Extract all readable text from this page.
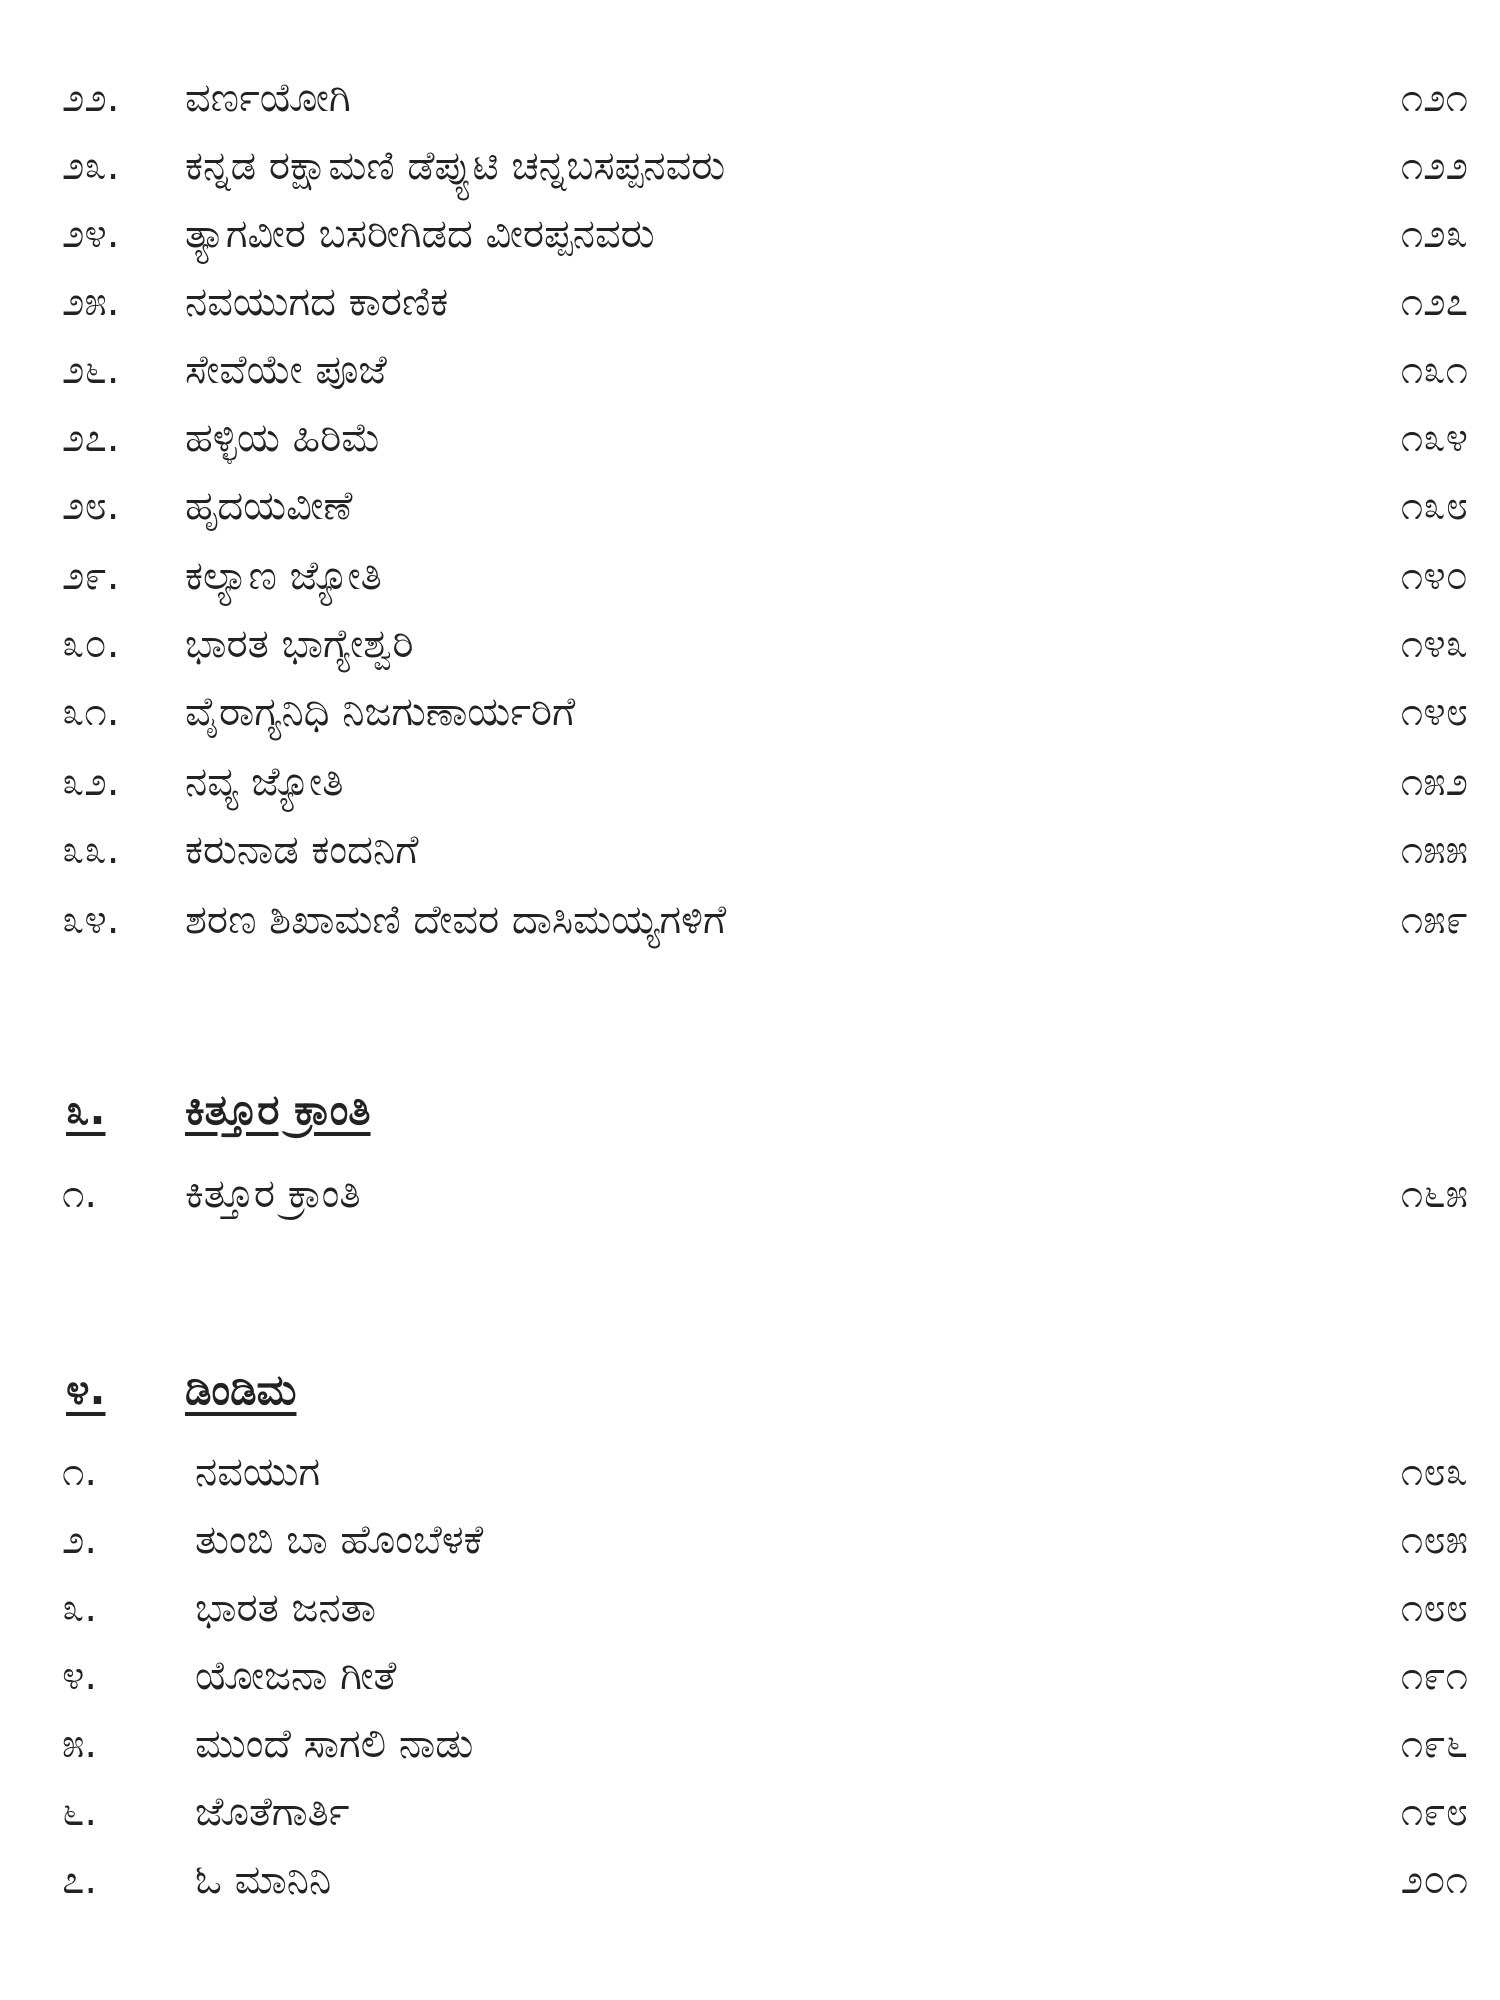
೨೨.	ವರ್ಣಯೋಗಿ	೧೨೧
೨೩.	ಕನ್ನಡ ರಕ್ಷಾಮಣಿ ಡೆಪ್ಯುಟಿ ಚನ್ನಬಸಪ್ಪನವರು	೧೨೨
೨೪.	ತ್ಯಾಗವೀರ ಬಸರೀಗಿಡದ ವೀರಪ್ಪನವರು	೧೨೩
೨೫.	ನವಯುಗದ ಕಾರಣಿಕ	೧೨೭
೨೬.	ಸೇವೆಯೇ ಪೂಜೆ	೧೩೧
೨೭.	ಹಳ್ಳಿಯ ಹಿರಿಮೆ	೧೩೪
೨೮.	ಹೃದಯವೀಣೆ	೧೩೮
೨೯.	ಕಲ್ಯಾಣ ಜ್ಯೋತಿ	೧೪೦
೩೦.	ಭಾರತ ಭಾಗ್ಯೇಶ್ವರಿ	೧೪೩
೩೧.	ವೈರಾಗ್ಯನಿಧಿ ನಿಜಗುಣಾರ್ಯರಿಗೆ	೧೪೮
೩೨.	ನವ್ಯ ಜ್ಯೋತಿ	೧೫೨
೩೩.	ಕರುನಾಡ ಕಂದನಿಗೆ	೧೫೫
೩೪.	ಶರಣ ಶಿಖಾಮಣಿ ದೇವರ ದಾಸಿಮಯ್ಯಗಳಿಗೆ	೧೫೯
೩.	ಕಿತ್ತೂರ ಕ್ರಾಂತಿ
೧.	ಕಿತ್ತೂರ ಕ್ರಾಂತಿ	೧೬೫
೪.	ಡಿಂಡಿಮ
೧.	ನವಯುಗ	೧೮೩
೨.	ತುಂಬಿ ಬಾ ಹೊಂಬೆಳಕೆ	೧೮೫
೩.	ಭಾರತ ಜನತಾ	೧೮೮
೪.	ಯೋಜನಾ ಗೀತೆ	೧೯೧
೫.	ಮುಂದೆ ಸಾಗಲಿ ನಾಡು	೧೯೬
೬.	ಜೊತೆಗಾರ್ತಿ	೧೯೮
೭.	ಓ ಮಾನಿನಿ	೨೦೧
